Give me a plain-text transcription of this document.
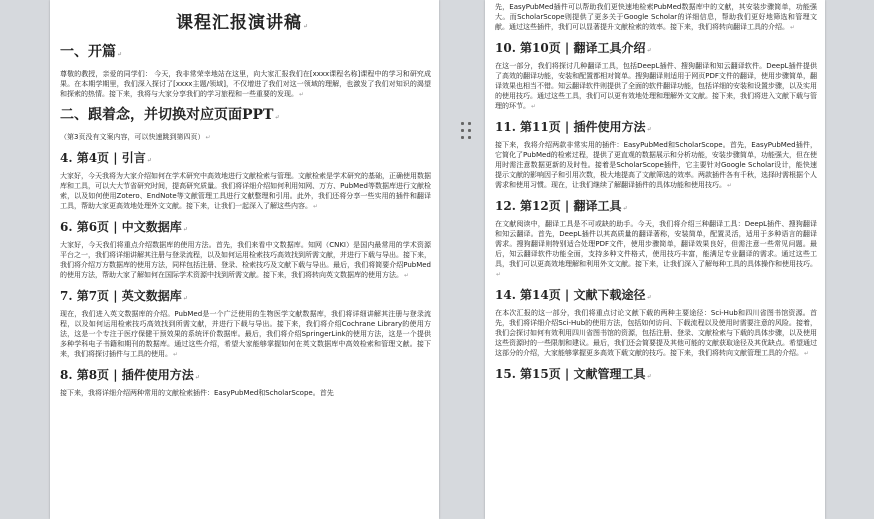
课程汇报演讲稿 ↵
一、开篇 ↵
尊敬的教授，亲爱的同学们： 今天，我非常荣幸地站在这里，向大家汇报我们在[xxxx课程名称]课程中的学习和研究成果。在本期学期里，我们深入探讨了[xxxx主题/领域]，不仅增进了我们对这一领域的理解，也激发了我们对知识的渴望和探索的热情。接下来，我将与大家分享我们的学习旅程和一些重要的发现。 ↵
二、跟着念，并切换对应页面PPT ↵
（第3页没有文案内容，可以快速跳到第四页） ↵
4. 第4页 | 引言 ↵
大家好，今天我将为大家介绍如何在学术研究中高效地进行文献检索与管理。文献检索是学术研究的基础，正确使用数据库和工具，可以大大节省研究时间，提高研究质量。我们将详细介绍如何利用知网、万方、PubMed等数据库进行文献检索，以及如何使用Zotero、EndNote等文献管理工具进行文献整理和引用。此外，我们还将分享一些实用的插件和翻译工具，帮助大家更高效地处理外文文献。接下来，让我们一起深入了解这些内容。 ↵
6. 第6页 | 中文数据库 ↵
大家好，今天我们将重点介绍数据库的使用方法。首先，我们来看中文数据库。知网（CNKI）是国内最常用的学术资源平台之一，我们将详细讲解其注册与登录流程，以及如何运用检索技巧高效找到所需文献，并进行下载与导出。接下来，我们将介绍万方数据库的使用方法，同样包括注册、登录、检索技巧及文献下载与导出。最后，我们将简要介绍PubMed的使用方法，帮助大家了解如何在国际学术资源中找到所需文献。接下来，我们将转向英文数据库的使用方法。 ↵
7. 第7页 | 英文数据库 ↵
现在，我们进入英文数据库的介绍。PubMed是一个广泛使用的生物医学文献数据库，我们将详细讲解其注册与登录流程，以及如何运用检索技巧高效找到所需文献，并进行下载与导出。接下来，我们将介绍Cochrane Library的使用方法，这是一个专注于医疗保健干预效果的系统评价数据库。最后，我们将介绍SpringerLink的使用方法，这是一个提供多种学科电子书籍和期刊的数据库。通过这些介绍，希望大家能够掌握如何在英文数据库中高效检索和管理文献。接下来，我们将探讨插件与工具的使用。 ↵
8. 第8页 | 插件使用方法 ↵
接下来，我将详细介绍两种常用的文献检索插件：EasyPubMed和ScholarScope。首先
先，EasyPubMed插件可以帮助我们更快速地检索PubMed数据库中的文献，其安装步骤简单，功能强大。而ScholarScope则提供了更多关于Google Scholar的详细信息，帮助我们更好地筛选和管理文献。通过这些插件，我们可以显著提升文献检索的效率。接下来，我们将转向翻译工具的介绍。 ↵
10. 第10页 | 翻译工具介绍 ↵
在这一部分，我们将探讨几种翻译工具，包括DeepL插件、搜狗翻译和知云翻译软件。DeepL插件提供了高效的翻译功能，安装和配置都相对简单。搜狗翻译则适用于网页PDF文件的翻译，使用步骤简单，翻译效果也相当不错。知云翻译软件则提供了全面的软件翻译功能，包括详细的安装和设置步骤，以及实用的使用技巧。通过这些工具，我们可以更有效地处理和理解外文文献。接下来，我们将进入文献下载与管理的环节。 ↵
11. 第11页 | 插件使用方法 ↵
接下来，我将介绍两款非常实用的插件：EasyPubMed和ScholarScope。首先，EasyPubMed插件，它简化了PubMed的检索过程，提供了更直观的数据展示和分析功能，安装步骤简单，功能强大，但在使用时需注意数据更新的及时性。接着是ScholarScope插件，它主要针对Google Scholar设计，能快速提示文献的影响因子和引用次数，极大地提高了文献筛选的效率。两款插件各有千秋，选择时需根据个人需求和使用习惯。现在，让我们继续了解翻译插件的具体功能和使用技巧。 ↵
12. 第12页 | 翻译工具 ↵
在文献阅读中，翻译工具是不可或缺的助手。今天，我们将介绍三种翻译工具：DeepL插件、搜狗翻译和知云翻译。首先，DeepL插件以其高质量的翻译著称，安装简单，配置灵活，适用于多种语言的翻译需求。搜狗翻译则特别适合处理PDF文件，使用步骤简单，翻译效果良好，但需注意一些常见问题。最后，知云翻译软件功能全面，支持多种文件格式，使用技巧丰富，能满足专业翻译的需求。通过这些工具，我们可以更高效地理解和利用外文文献。接下来，让我们深入了解每种工具的具体操作和使用技巧。 ↵
14. 第14页 | 文献下载途径 ↵
在本次汇报的这一部分，我们将重点讨论文献下载的两种主要途径：Sci-Hub和四川省图书馆资源。首先，我们将详细介绍Sci-Hub的使用方法，包括如何访问、下载流程以及使用时需要注意的风险。接着，我们会探讨如何有效利用四川省图书馆的资源，包括注册、登录、文献检索与下载的具体步骤，以及使用这些资源时的一些限制和建议。最后，我们还会简要提及其他可能的文献获取途径及其优缺点。希望通过这部分的介绍，大家能够掌握更多高效下载文献的技巧。接下来，我们将转向文献管理工具的介绍。 ↵
15. 第15页 | 文献管理工具 ↵
